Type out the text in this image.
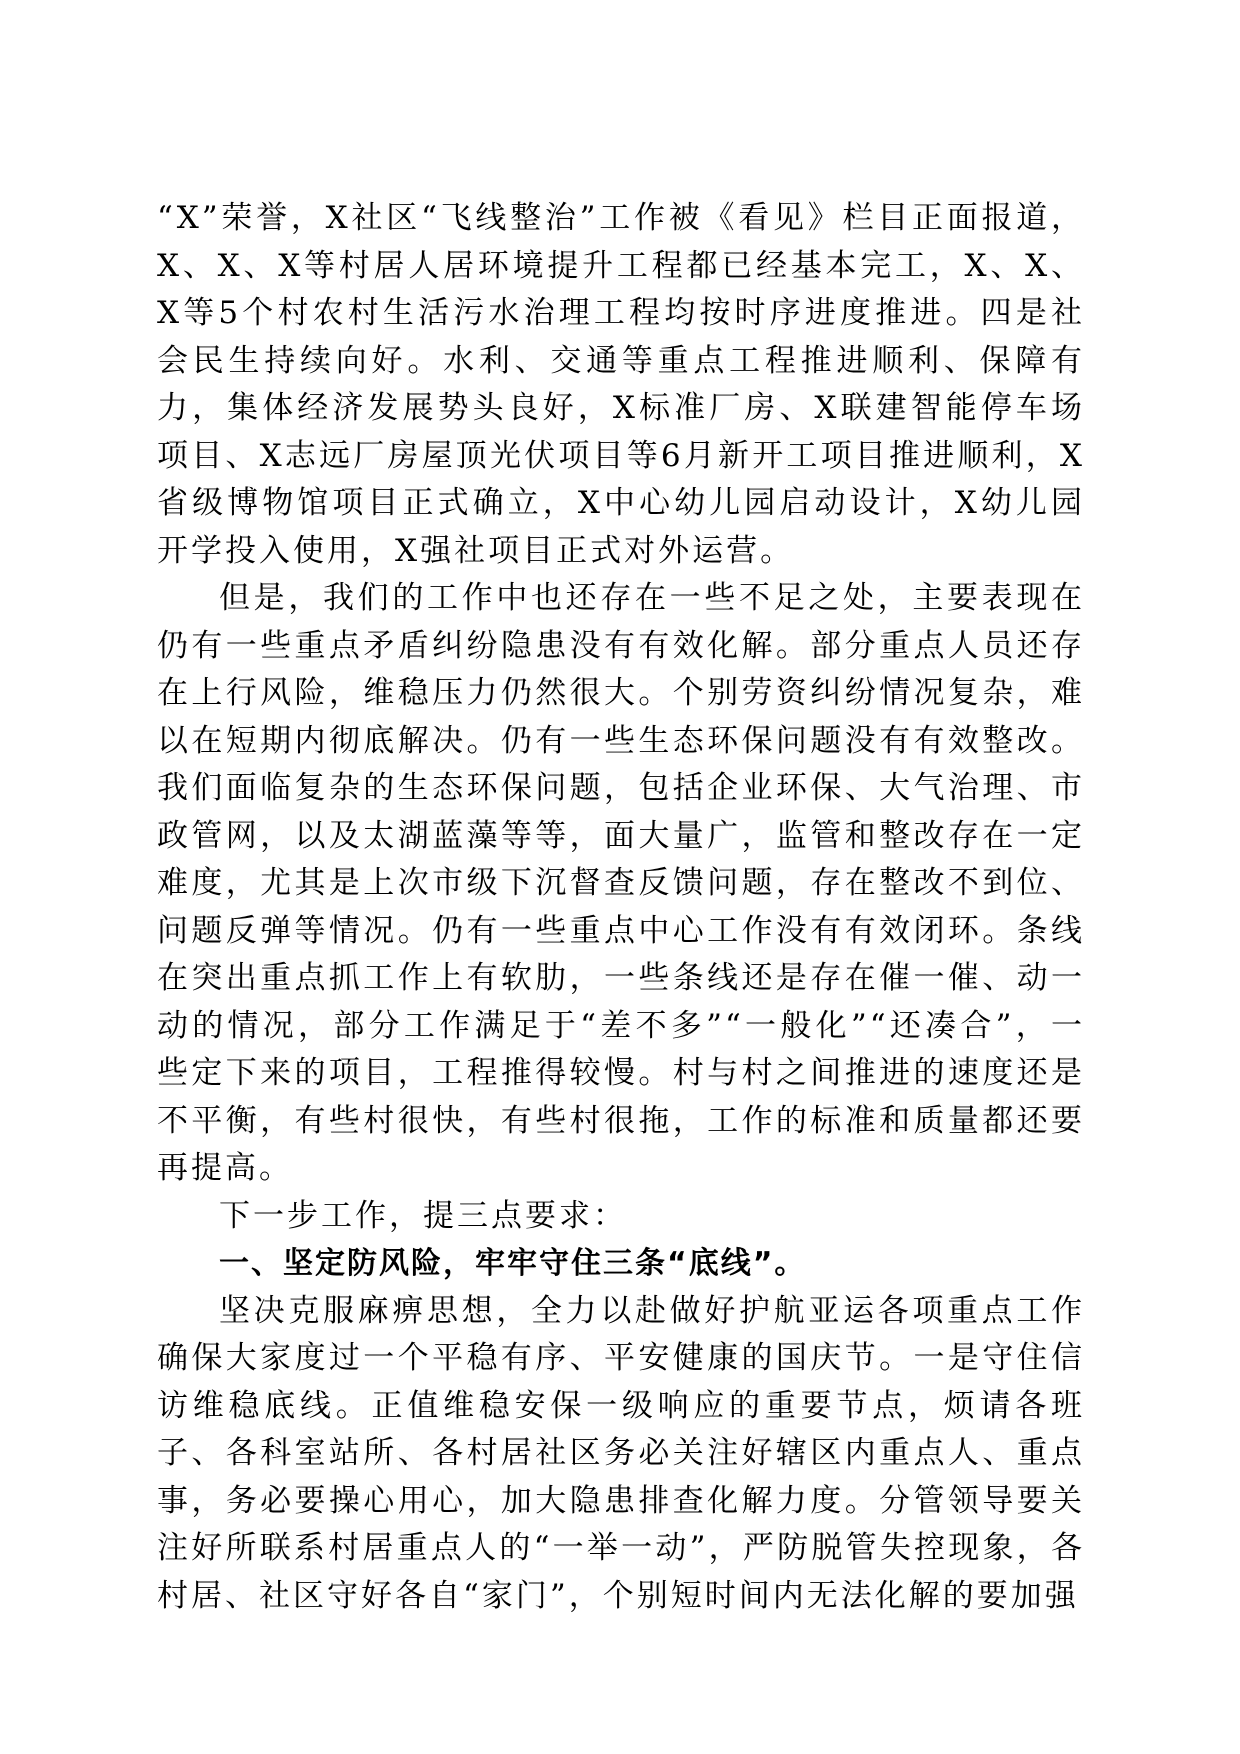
“X”荣誉，X社区“飞线整治”工作被《看见》栏目正面报道，X、X、X等村居人居环境提升工程都已经基本完工，X、X、X等5个村农村生活污水治理工程均按时序进度推进。四是社会民生持续向好。水利、交通等重点工程推进顺利、保障有力，集体经济发展势头良好，X标准厂房、X联建智能停车场项目、X志远厂房屋顶光伏项目等6月新开工项目推进顺利，X省级博物馆项目正式确立，X中心幼儿园启动设计，X幼儿园开学投入使用，X强社项目正式对外运营。

但是，我们的工作中也还存在一些不足之处，主要表现在仍有一些重点矛盾纠纷隐患没有有效化解。部分重点人员还存在上行风险，维稳压力仍然很大。个别劳资纠纷情况复杂，难以在短期内彻底解决。仍有一些生态环保问题没有有效整改。我们面临复杂的生态环保问题，包括企业环保、大气治理、市政管网，以及太湖蓝藻等等，面大量广，监管和整改存在一定难度，尤其是上次市级下沉督查反馈问题，存在整改不到位、问题反弹等情况。仍有一些重点中心工作没有有效闭环。条线在突出重点抓工作上有软肋，一些条线还是存在催一催、动一动的情况，部分工作满足于“差不多”“一般化”“还凑合”，一些定下来的项目，工程推得较慢。村与村之间推进的速度还是不平衡，有些村很快，有些村很拖，工作的标准和质量都还要再提高。

下一步工作，提三点要求：

一、坚定防风险，牢牢守住三条“底线”。

坚决克服麻痹思想，全力以赴做好护航亚运各项重点工作确保大家度过一个平稳有序、平安健康的国庆节。一是守住信访维稳底线。正值维稳安保一级响应的重要节点，烦请各班子、各科室站所、各村居社区务必关注好辖区内重点人、重点事，务必要操心用心，加大隐患排查化解力度。分管领导要关注好所联系村居重点人的“一举一动”，严防脱管失控现象，各村居、社区守好各自“家门”，个别短时间内无法化解的要加强
